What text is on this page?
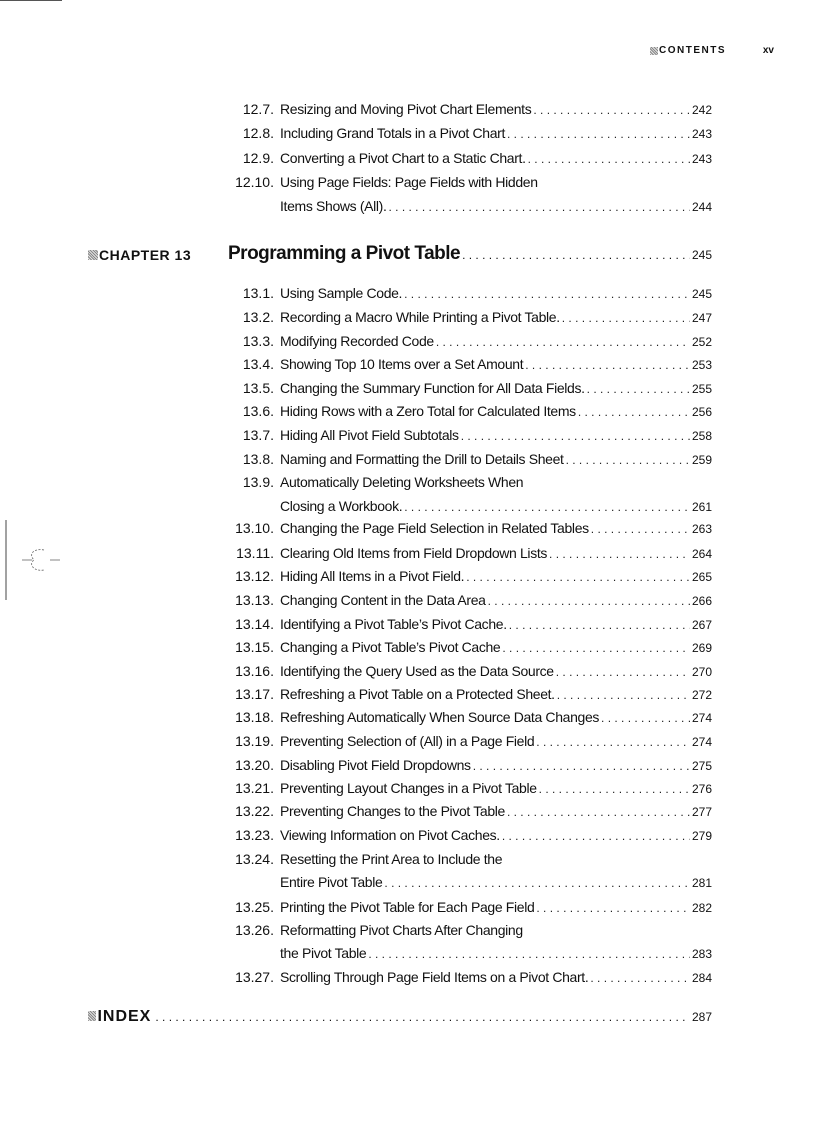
CONTENTS	xv
12.7. Resizing and Moving Pivot Chart Elements . . .	242
12.8. Including Grand Totals in a Pivot Chart . . .	243
12.9. Converting a Pivot Chart to a Static Chart. . . .	243
12.10. Using Page Fields: Page Fields with Hidden
Items Shows (All). . . .	244
CHAPTER 13 Programming a Pivot Table . . .	245
13.1. Using Sample Code. . . .	245
13.2. Recording a Macro While Printing a Pivot Table. . . .	247
13.3. Modifying Recorded Code . . .	252
13.4. Showing Top 10 Items over a Set Amount . . .	253
13.5. Changing the Summary Function for All Data Fields. . . .	255
13.6. Hiding Rows with a Zero Total for Calculated Items . . .	256
13.7. Hiding All Pivot Field Subtotals . . .	258
13.8. Naming and Formatting the Drill to Details Sheet . . .	259
13.9. Automatically Deleting Worksheets When
Closing a Workbook. . . .	261
13.10. Changing the Page Field Selection in Related Tables . . .	263
13.11. Clearing Old Items from Field Dropdown Lists . . .	264
13.12. Hiding All Items in a Pivot Field. . . .	265
13.13. Changing Content in the Data Area . . .	266
13.14. Identifying a Pivot Table’s Pivot Cache. . . .	267
13.15. Changing a Pivot Table’s Pivot Cache . . .	269
13.16. Identifying the Query Used as the Data Source . . .	270
13.17. Refreshing a Pivot Table on a Protected Sheet. . . .	272
13.18. Refreshing Automatically When Source Data Changes . . .	274
13.19. Preventing Selection of (All) in a Page Field . . .	274
13.20. Disabling Pivot Field Dropdowns . . .	275
13.21. Preventing Layout Changes in a Pivot Table . . .	276
13.22. Preventing Changes to the Pivot Table . . .	277
13.23. Viewing Information on Pivot Caches. . . .	279
13.24. Resetting the Print Area to Include the
Entire Pivot Table . . .	281
13.25. Printing the Pivot Table for Each Page Field . . .	282
13.26. Reformatting Pivot Charts After Changing
the Pivot Table . . .	283
13.27. Scrolling Through Page Field Items on a Pivot Chart. . . .	284
INDEX . . .	287
